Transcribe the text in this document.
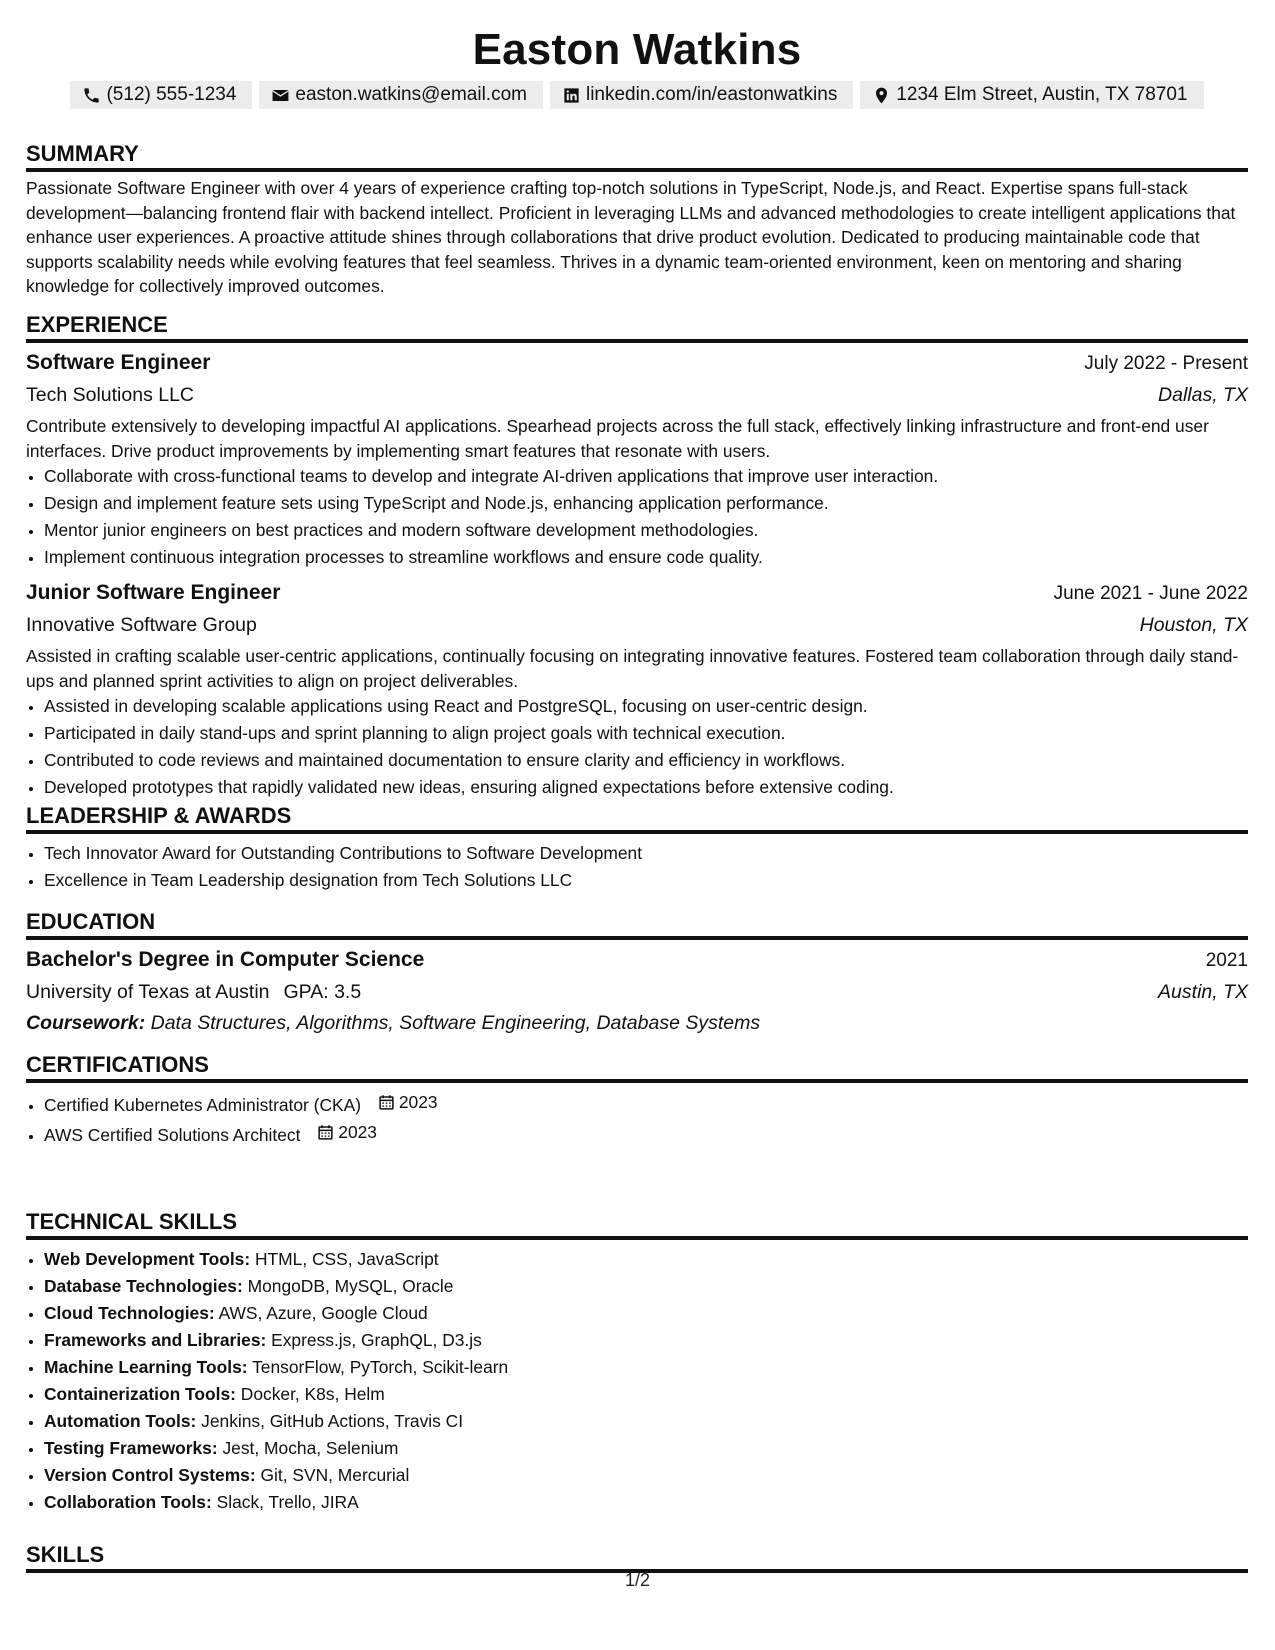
Easton Watkins
(512) 555-1234	easton.watkins@email.com	linkedin.com/in/eastonwatkins	1234 Elm Street, Austin, TX 78701
SUMMARY

Passionate Software Engineer with over 4 years of experience crafting top-notch solutions in TypeScript, Node.js, and React. Expertise spans full-stack development—balancing frontend flair with backend intellect. Proficient in leveraging LLMs and advanced methodologies to create intelligent applications that enhance user experiences. A proactive attitude shines through collaborations that drive product evolution. Dedicated to producing maintainable code that supports scalability needs while evolving features that feel seamless. Thrives in a dynamic team-oriented environment, keen on mentoring and sharing knowledge for collectively improved outcomes.

EXPERIENCE
Software Engineer	July 2022 - Present
Tech Solutions LLC	Dallas, TX

Contribute extensively to developing impactful AI applications. Spearhead projects across the full stack, effectively linking infrastructure and front-end user interfaces. Drive product improvements by implementing smart features that resonate with users.

• Collaborate with cross-functional teams to develop and integrate AI-driven applications that improve user interaction.
• Design and implement feature sets using TypeScript and Node.js, enhancing application performance.
• Mentor junior engineers on best practices and modern software development methodologies.
• Implement continuous integration processes to streamline workflows and ensure code quality.
Junior Software Engineer	June 2021 - June 2022
Innovative Software Group	Houston, TX

Assisted in crafting scalable user-centric applications, continually focusing on integrating innovative features. Fostered team collaboration through daily stand-ups and planned sprint activities to align on project deliverables.

• Assisted in developing scalable applications using React and PostgreSQL, focusing on user-centric design.
• Participated in daily stand-ups and sprint planning to align project goals with technical execution.
• Contributed to code reviews and maintained documentation to ensure clarity and efficiency in workflows.
• Developed prototypes that rapidly validated new ideas, ensuring aligned expectations before extensive coding.
LEADERSHIP & AWARDS
• Tech Innovator Award for Outstanding Contributions to Software Development
• Excellence in Team Leadership designation from Tech Solutions LLC
EDUCATION
Bachelor's Degree in Computer Science	2021
University of Texas at Austin GPA: 3.5	Austin, TX
Coursework: Data Structures, Algorithms, Software Engineering, Database Systems
CERTIFICATIONS
• Certified Kubernetes Administrator (CKA) 2023
• AWS Certified Solutions Architect 2023
TECHNICAL SKILLS
• Web Development Tools: HTML, CSS, JavaScript
• Database Technologies: MongoDB, MySQL, Oracle
• Cloud Technologies: AWS, Azure, Google Cloud
• Frameworks and Libraries: Express.js, GraphQL, D3.js
• Machine Learning Tools: TensorFlow, PyTorch, Scikit-learn
• Containerization Tools: Docker, K8s, Helm
• Automation Tools: Jenkins, GitHub Actions, Travis CI
• Testing Frameworks: Jest, Mocha, Selenium
• Version Control Systems: Git, SVN, Mercurial
• Collaboration Tools: Slack, Trello, JIRA
SKILLS
1/2
